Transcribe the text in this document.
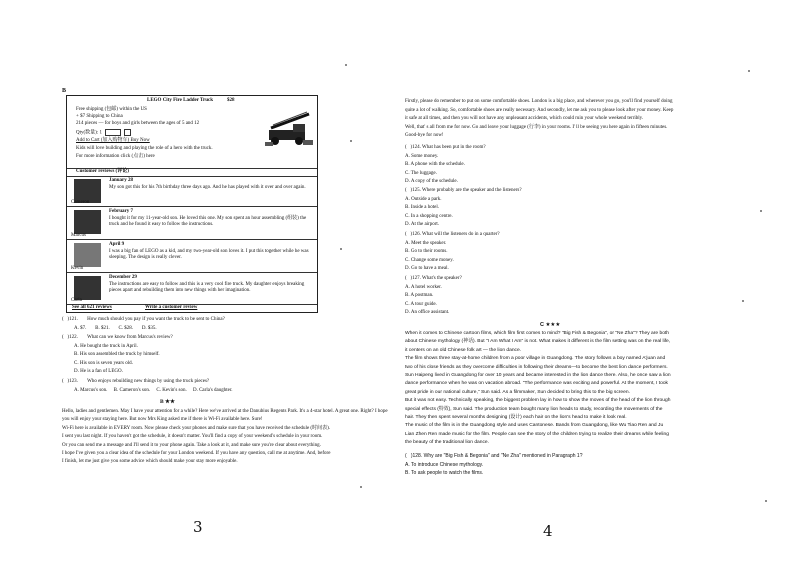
B
LEGO City Fire Ladder Truck	$28
Free shipping (包邮) within the US
+ $7 Shipping to China
214 pieces — for boys and girls between the ages of 5 and 12
Qty(数量): 1
Add to Cart (加入购物车) Buy Now
Kids will love building and playing the role of a hero with the truck.
For more information click (点击) here
Customer reviews (评论)
Cameron
January 28
My son got this for his 7th birthday three days ago. And he has played with it over and over again.
Marcus
February 7
I bought it for my 11-year-old son. He loved this one. My son spent an hour assembling (组装) the truck and he found it easy to follow the instructions.
Kevin
April 9
I was a big fan of LEGO as a kid, and my two-year-old son loves it. I put this together while he was sleeping. The design is really clever.
Carla
December 29
The instructions are easy to follow and this is a very cool fire truck. My daughter enjoys breaking pieces apart and rebuilding them into new things with her imagination.
See all 621 reviews	Write a customer review
(   )121. How much should you pay if you want the truck to be sent to China?
A. $7. B. $21. C. $28. D. $35.
(   )122. What can we know from Marcus's review?
A. He bought the truck in April.
B. His son assembled the truck by himself.
C. His son is seven years old.
D. He is a fan of LEGO.
(   )123. Who enjoys rebuilding new things by using the truck pieces?
A. Marcus's son. B. Cameron's son. C. Kevin's son. D. Carla's daughter.
B ★★
Hello, ladies and gentlemen. May I have your attention for a while? Here we've arrived at the Danubius Regents Park. It's a 4-star hotel. A great one. Right? I hope you will enjoy your staying here. But now Mrs King asked me if there is Wi-Fi available here. Sure!
Wi-Fi here is available in EVERY room. Now please check your phones and make sure that you have received the schedule (时间表).
I sent you last night. If you haven't got the schedule, it doesn't matter. You'll find a copy of your weekend's schedule in your room.
Or you can send me a message and I'll send it to your phone again. Take a look at it, and make sure you're clear about everything.
I hope I've given you a clear idea of the schedule for your London weekend. If you have any question, call me at anytime. And, before
I finish, let me just give you some advice which should make your stay more enjoyable.
3
Firstly, please do remember to put on some comfortable shoes. London is a big place, and wherever you go, you'll find yourself doing
quite a lot of walking. So, comfortable shoes are really necessary. And secondly, let me ask you to please look after your money. Keep
it safe at all times, and then you will not have any unpleasant accidents, which could ruin your whole weekend terribly.
Well, that' s all from me for now. Go and leave your luggage (行李) in your rooms. I' ll be seeing you here again in fifteen minutes.
Good-bye for now!
(   )124. What has been put in the room?
A. Some money.
B. A phone with the schedule.
C. The luggage.
D. A copy of the schedule.
(   )125. Where probably are the speaker and the listeners?
A. Outside a park.
B. Inside a hotel.
C. In a shopping centre.
D. At the airport.
(   )126. What will the listeners do in a quarter?
A. Meet the speaker.
B. Go to their rooms.
C. Change some money.
D. Go to have a meal.
(   )127. What's the speaker?
A. A hotel worker.
B. A postman.
C. A tour guide.
D. An office assistant.
C ★★★
When it comes to Chinese cartoon films, which film first comes to mind? "Big Fish & Begonia", or "Ne Zha"? They are both
about Chinese mythology (神话). But "I Am What I Am" is not. What makes it different is the film setting was on the real life,
it centers on an old Chinese folk art — the lion dance.
The film shows three stay-at-home children from a poor village in Guangdong. The story follows a boy named A'juan and
two of his close friends as they overcome difficulties in following their dreams—to become the best lion dance performers.
Sun Haipeng lived in Guangdong for over 10 years and became interested in the lion dance there. Also, he once saw a lion
dance performance when he was on vacation abroad. "The performance was exciting and powerful. At the moment, I took
great pride in our national culture," Sun said. As a filmmaker, Sun decided to bring this to the big screen.
But it was not easy. Technically speaking, the biggest problem lay in how to show the moves of the head of the lion through
special effects (特效), Sun said. The production team bought many lion heads to study, recording the movements of the
hair. They then spent several months designing (设计) each hair on the lion's head to make it look real.
The music of the film is in the Guangdong style and uses Cantonese. Bands from Guangdong, like Wu Tiao Ren and Ju
Lian Zhen Ren made music for the film. People can see the story of the children trying to realize their dreams while feeling
the beauty of the traditional lion dance.
(   )128. Why are "Big Fish & Begonia" and "Ne Zha" mentioned in Paragraph 1?
A. To introduce Chinese mythology.
B. To ask people to watch the films.
4
